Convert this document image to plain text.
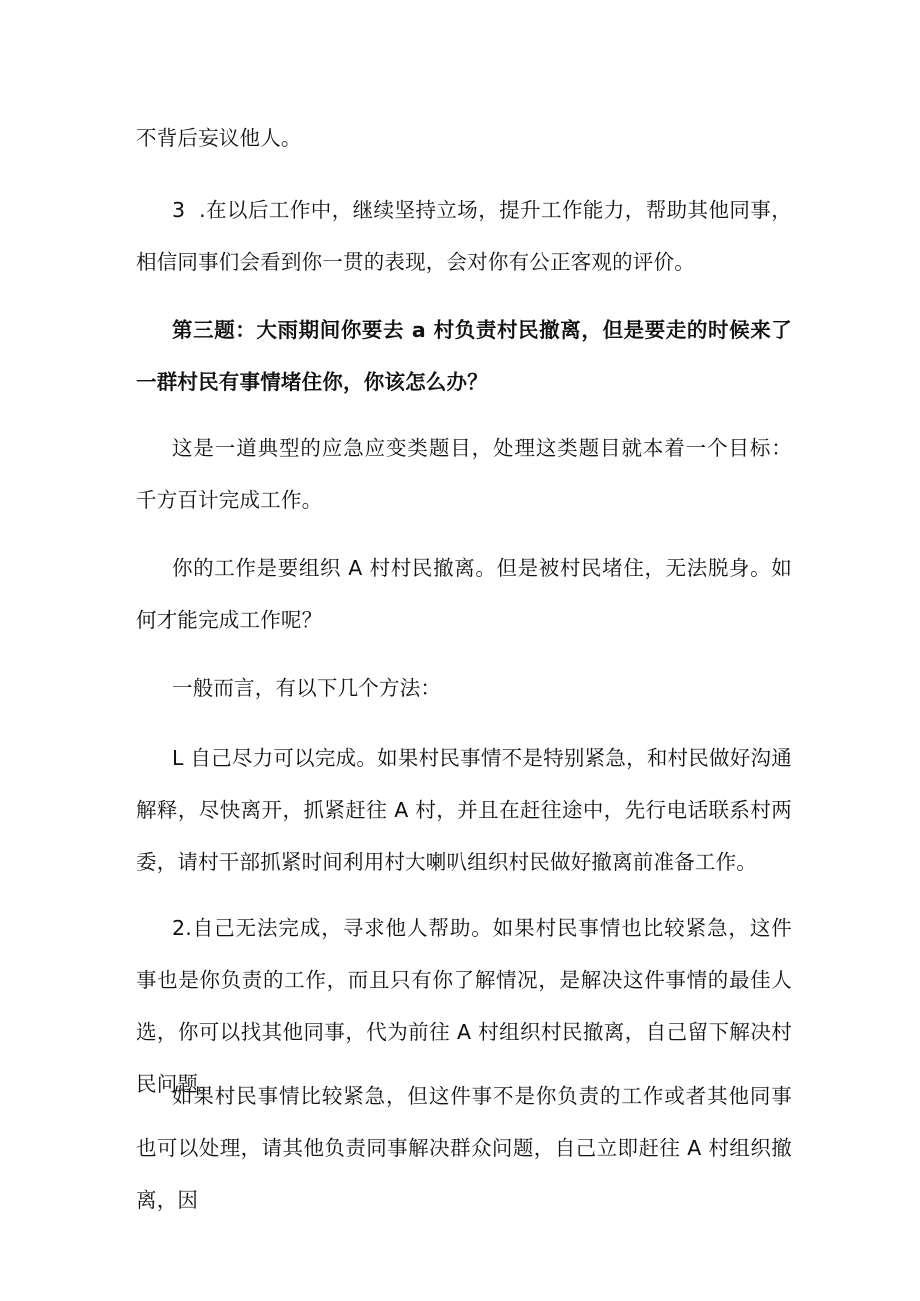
不背后妄议他人。

3  .在以后工作中，继续坚持立场，提升工作能力，帮助其他同事，相信同事们会看到你一贯的表现，会对你有公正客观的评价。

第三题：大雨期间你要去 a 村负责村民撤离，但是要走的时候来了一群村民有事情堵住你，你该怎么办？

这是一道典型的应急应变类题目，处理这类题目就本着一个目标：千方百计完成工作。

你的工作是要组织 A 村村民撤离。但是被村民堵住，无法脱身。如何才能完成工作呢？

一般而言，有以下几个方法：

L 自己尽力可以完成。如果村民事情不是特别紧急，和村民做好沟通解释，尽快离开，抓紧赶往 A 村，并且在赶往途中，先行电话联系村两委，请村干部抓紧时间利用村大喇叭组织村民做好撤离前准备工作。

2.自己无法完成，寻求他人帮助。如果村民事情也比较紧急，这件事也是你负责的工作，而且只有你了解情况，是解决这件事情的最佳人选，你可以找其他同事，代为前往 A 村组织村民撤离，自己留下解决村民问题。

如果村民事情比较紧急，但这件事不是你负责的工作或者其他同事也可以处理，请其他负责同事解决群众问题，自己立即赶往 A 村组织撤离，因
